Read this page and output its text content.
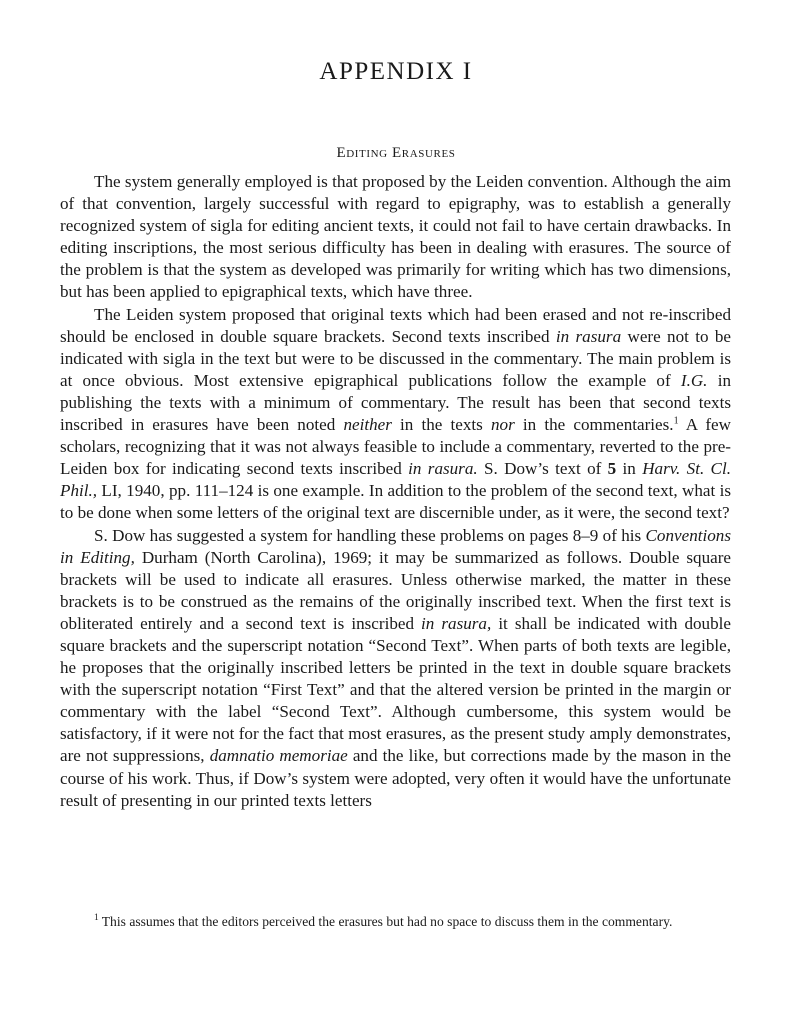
APPENDIX I
Editing Erasures

The system generally employed is that proposed by the Leiden convention. Although the aim of that convention, largely successful with regard to epigraphy, was to establish a generally recognized system of sigla for editing ancient texts, it could not fail to have certain drawbacks. In editing inscriptions, the most serious difficulty has been in dealing with erasures. The source of the problem is that the system as developed was primarily for writing which has two dimensions, but has been applied to epigraphical texts, which have three.

The Leiden system proposed that original texts which had been erased and not re-inscribed should be enclosed in double square brackets. Second texts inscribed in rasura were not to be indicated with sigla in the text but were to be discussed in the commentary. The main problem is at once obvious. Most extensive epigraphical publications follow the example of I.G. in publishing the texts with a minimum of commentary. The result has been that second texts inscribed in erasures have been noted neither in the texts nor in the commentaries.$^1$ A few scholars, recognizing that it was not always feasible to include a commentary, reverted to the pre-Leiden box for indicating second texts inscribed in rasura. S. Dow’s text of 5 in Harv. St. Cl. Phil., LI, 1940, pp. 111–124 is one example. In addition to the problem of the second text, what is to be done when some letters of the original text are discernible under, as it were, the second text?

S. Dow has suggested a system for handling these problems on pages 8–9 of his Conventions in Editing, Durham (North Carolina), 1969; it may be summarized as follows. Double square brackets will be used to indicate all erasures. Unless otherwise marked, the matter in these brackets is to be construed as the remains of the originally inscribed text. When the first text is obliterated entirely and a second text is inscribed in rasura, it shall be indicated with double square brackets and the superscript notation “Second Text”. When parts of both texts are legible, he proposes that the originally inscribed letters be printed in the text in double square brackets with the superscript notation “First Text” and that the altered version be printed in the margin or commentary with the label “Second Text”. Although cumbersome, this system would be satisfactory, if it were not for the fact that most erasures, as the present study amply demonstrates, are not suppressions, damnatio memoriae and the like, but corrections made by the mason in the course of his work. Thus, if Dow’s system were adopted, very often it would have the unfortunate result of presenting in our printed texts letters

$^1$ This assumes that the editors perceived the erasures but had no space to discuss them in the commentary.
